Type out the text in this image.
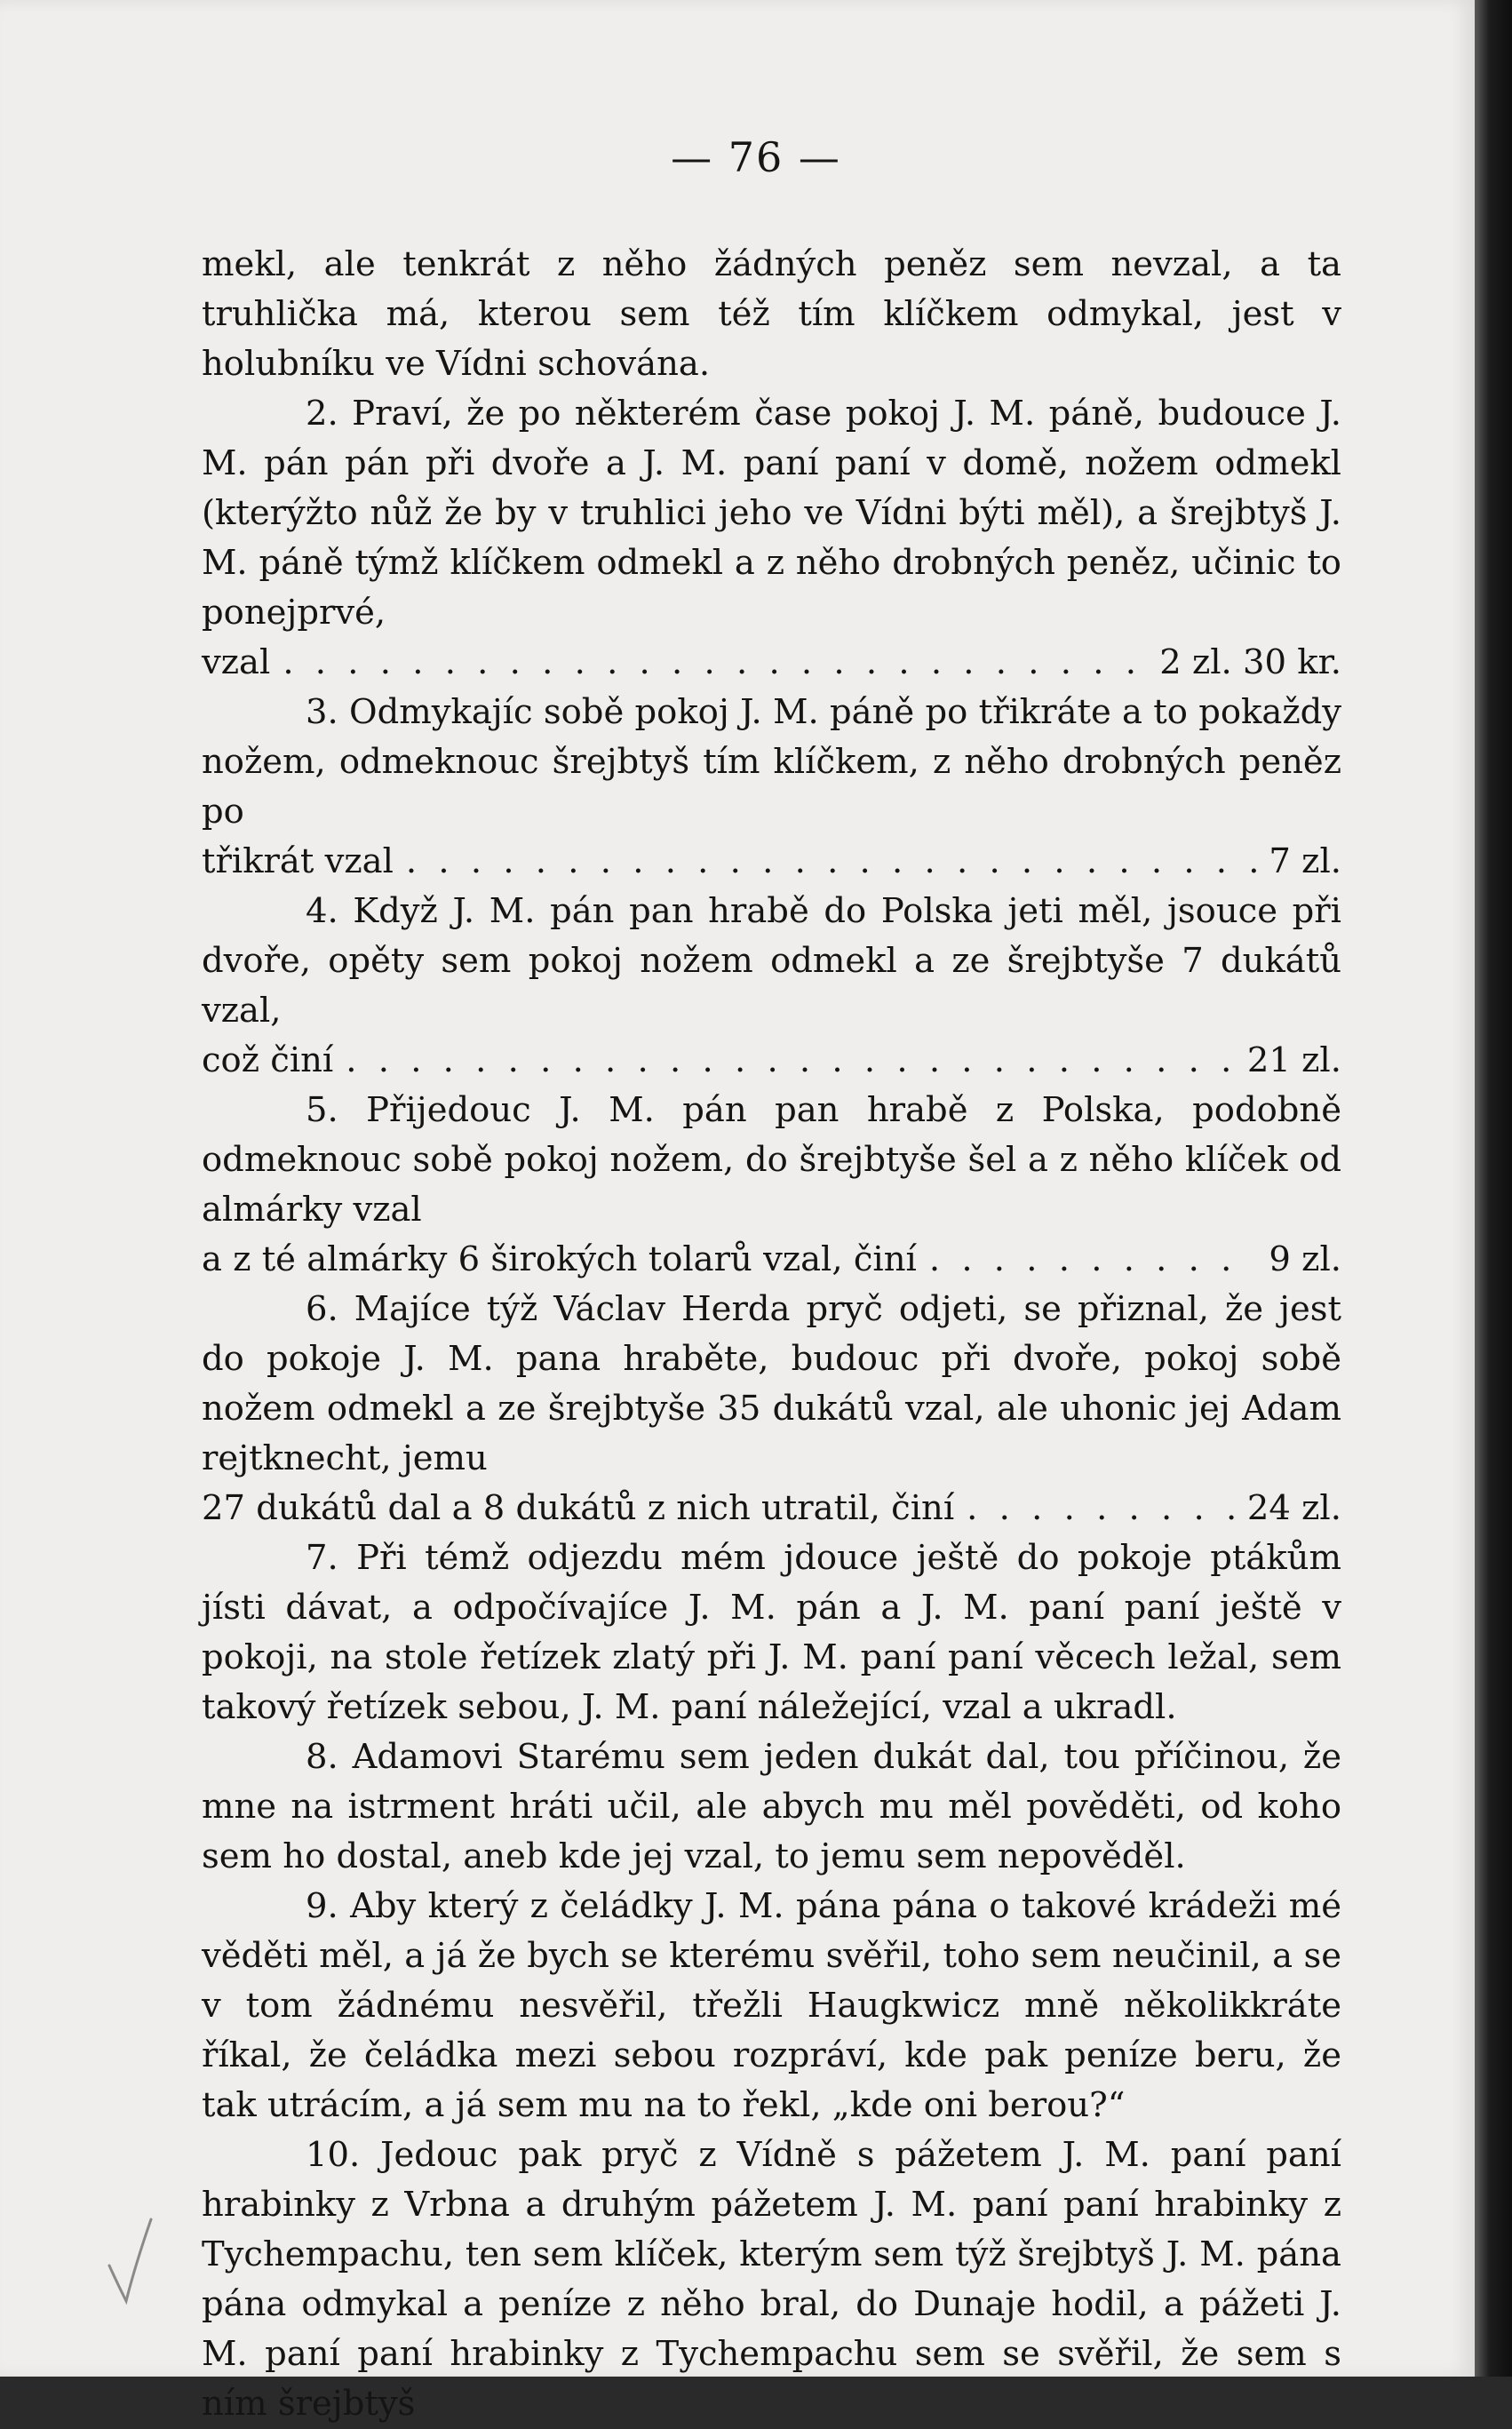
— 76 —

mekl, ale tenkrát z něho žádných peněz sem nevzal, a ta truhlička má, kterou sem též tím klíčkem odmykal, jest v holubníku ve Vídni schována.

2. Praví, že po některém čase pokoj J. M. páně, budouce J. M. pán pán při dvoře a J. M. paní paní v domě, nožem odmekl (kterýžto nůž že by v truhlici jeho ve Vídni býti měl), a šrejbtyš J. M. páně týmž klíčkem odmekl a z něho drobných peněz, učinic to ponejprvé,

vzal . . .	2 zl. 30 kr.

3. Odmykajíc sobě pokoj J. M. páně po třikráte a to pokaždy nožem, odmeknouc šrejbtyš tím klíčkem, z něho drobných peněz po

třikrát vzal . . .	7 zl.

4. Když J. M. pán pan hrabě do Polska jeti měl, jsouce při dvoře, opěty sem pokoj nožem odmekl a ze šrejbtyše 7 dukátů vzal,

což činí . . .	21 zl.

5. Přijedouc J. M. pán pan hrabě z Polska, podobně odmeknouc sobě pokoj nožem, do šrejbtyše šel a z něho klíček od almárky vzal

a z té almárky 6 širokých tolarů vzal, činí . . .	9 zl.

6. Majíce týž Václav Herda pryč odjeti, se přiznal, že jest do pokoje J. M. pana hraběte, budouc při dvoře, pokoj sobě nožem odmekl a ze šrejbtyše 35 dukátů vzal, ale uhonic jej Adam rejtknecht, jemu

27 dukátů dal a 8 dukátů z nich utratil, činí . . .	24 zl.

7. Při témž odjezdu mém jdouce ještě do pokoje ptákům jísti dávat, a odpočívajíce J. M. pán a J. M. paní paní ještě v pokoji, na stole řetízek zlatý při J. M. paní paní věcech ležal, sem takový řetízek sebou, J. M. paní náležející, vzal a ukradl.

8. Adamovi Starému sem jeden dukát dal, tou příčinou, že mne na istrment hráti učil, ale abych mu měl pověděti, od koho sem ho dostal, aneb kde jej vzal, to jemu sem nepověděl.

9. Aby který z čeládky J. M. pána pána o takové krádeži mé věděti měl, a já že bych se kterému svěřil, toho sem neučinil, a se v tom žádnému nesvěřil, třežli Haugkwicz mně několikkráte říkal, že čeládka mezi sebou rozpráví, kde pak peníze beru, že tak utrácím, a já sem mu na to řekl, „kde oni berou?“

10. Jedouc pak pryč z Vídně s pážetem J. M. paní paní hrabinky z Vrbna a druhým pážetem J. M. paní paní hrabinky z Tychempachu, ten sem klíček, kterým sem týž šrejbtyš J. M. pána pána odmykal a peníze z něho bral, do Dunaje hodil, a pážeti J. M. paní paní hrabinky z Tychempachu sem se svěřil, že sem s ním šrejbtyš
